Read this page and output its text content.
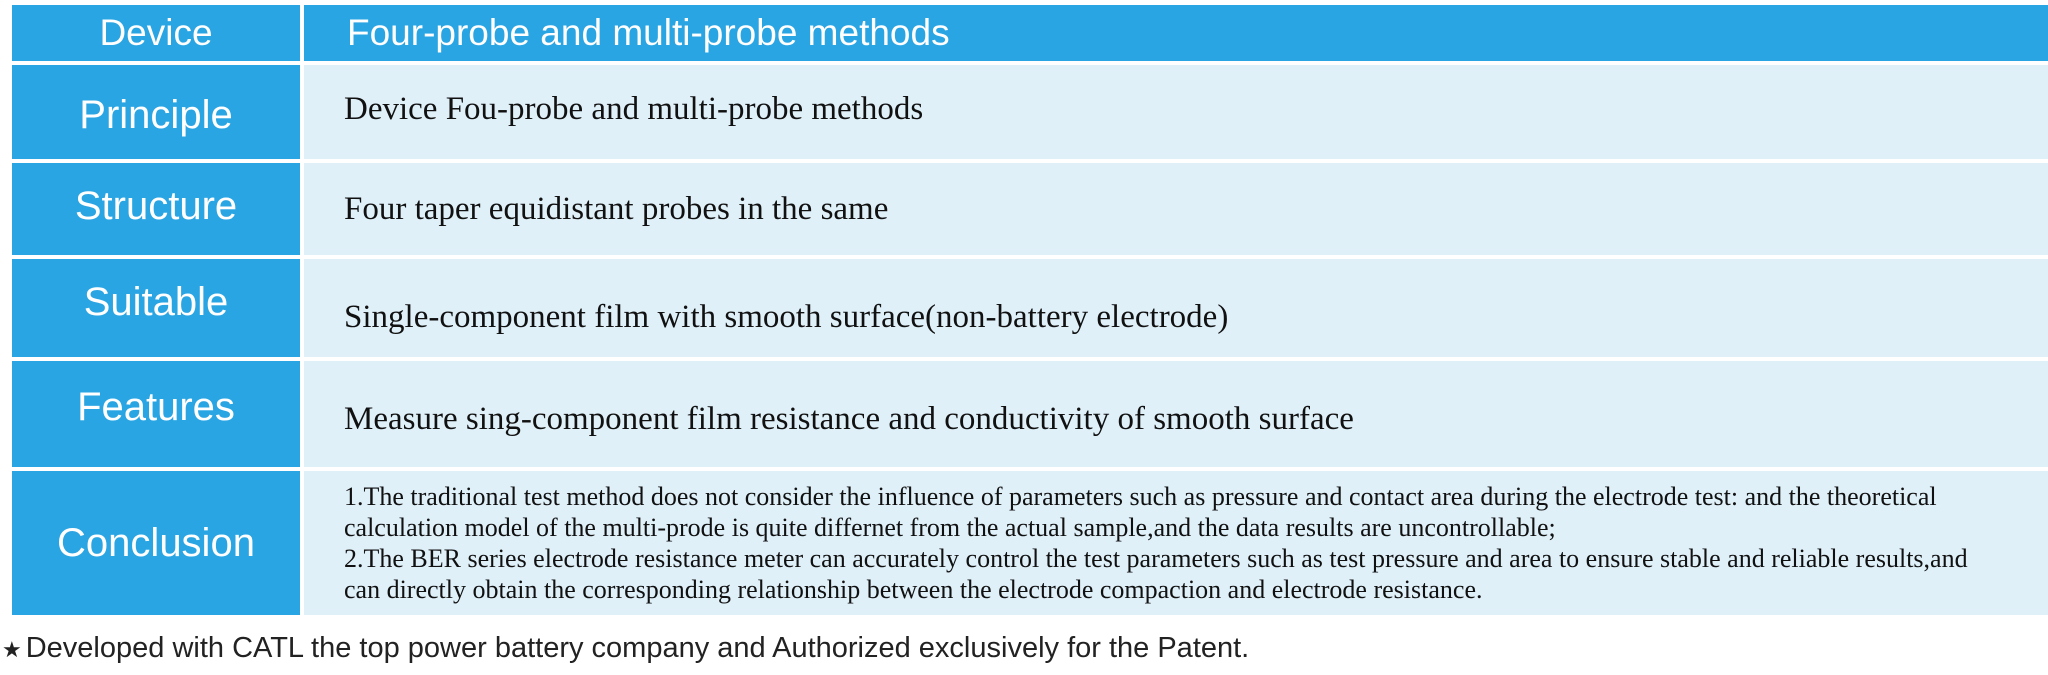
Device	Four-probe and multi-probe methods
Principle	Device Fou-probe and multi-probe methods
Structure	Four taper equidistant probes in the same
Suitable	Single-component film with smooth surface(non-battery electrode)
Features	Measure sing-component film resistance and conductivity of smooth surface
Conclusion	1.The traditional test method does not consider the influence of parameters such as pressure and contact area during the electrode test: and the theoretical calculation model of the multi-prode is quite differnet from the actual sample,and the data results are uncontrollable;
2.The BER series electrode resistance meter can accurately control the test parameters such as test pressure and area to ensure stable and reliable results,and can directly obtain the corresponding relationship between the electrode compaction and electrode resistance.
★ Developed with CATL the top power battery company and Authorized exclusively for the Patent.
